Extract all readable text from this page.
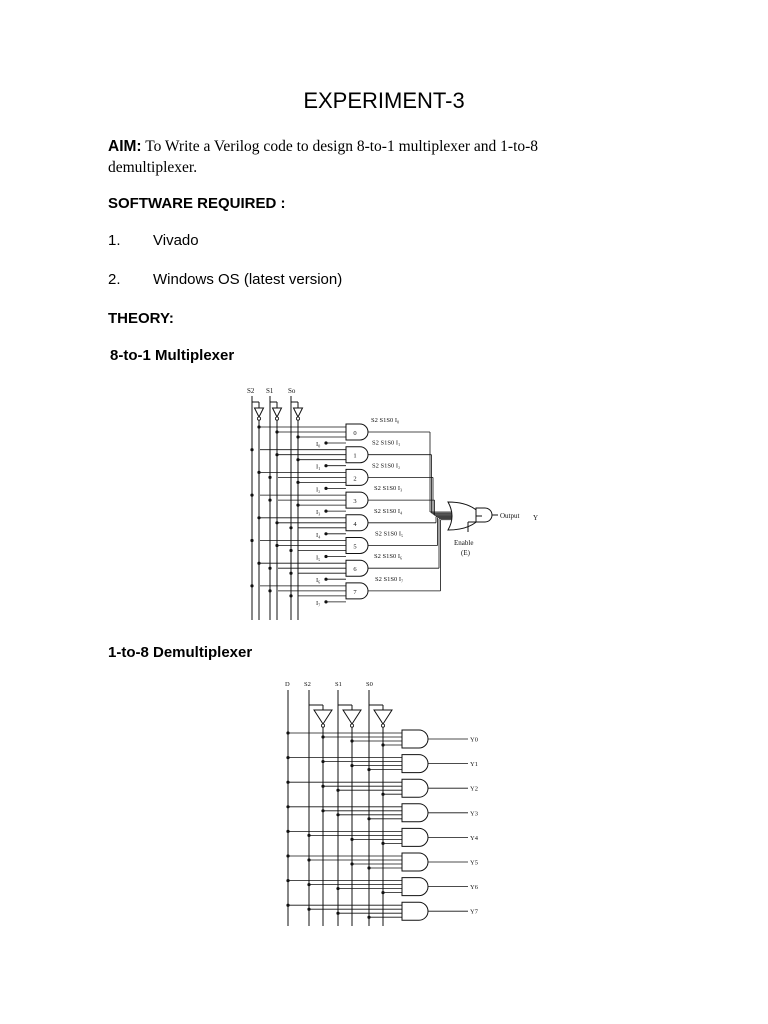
EXPERIMENT-3
AIM: To Write a Verilog code to design 8-to-1 multiplexer and 1-to-8 demultiplexer.
SOFTWARE REQUIRED :
1. Vivado
2. Windows OS (latest version)
THEORY:
8-to-1 Multiplexer
S2 S1 So
0
I₀
S2 S1S0 I₀
1
I₁
S2 S1S0 I₁
2
I₂
S2 S1S0 I₂
3
I₃
S2 S1S0 I₃
4
I₄
S2 S1S0 I₄
5
I₅
S2 S1S0 I₅
6
I₆
S2 S1S0 I₆
7
I₇
S2 S1S0 I₇
Output Y
Enable
(E)
1-to-8 Demultiplexer
D S2	S1	S0
Y0
Y1
Y2
Y3
Y4
Y5
Y6
Y7
